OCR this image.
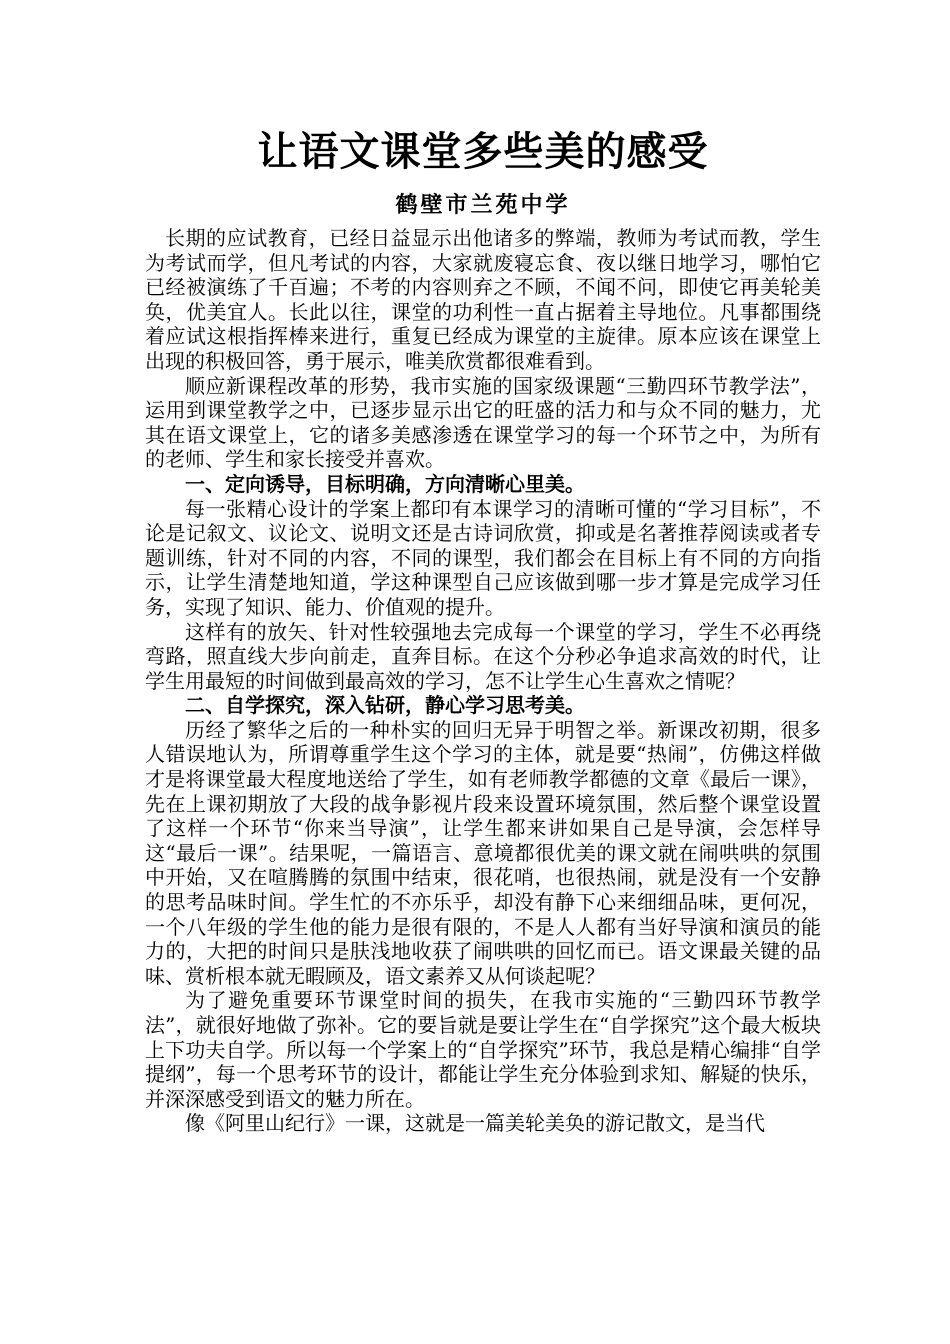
让语文课堂多些美的感受
鹤壁市兰苑中学

长期的应试教育，已经日益显示出他诸多的弊端，教师为考试而教，学生为考试而学，但凡考试的内容，大家就废寝忘食、夜以继日地学习，哪怕它已经被演练了千百遍；不考的内容则弃之不顾，不闻不问，即使它再美轮美奂，优美宜人。长此以往，课堂的功利性一直占据着主导地位。凡事都围绕着应试这根指挥棒来进行，重复已经成为课堂的主旋律。原本应该在课堂上出现的积极回答，勇于展示，唯美欣赏都很难看到。

顺应新课程改革的形势，我市实施的国家级课题“三勤四环节教学法”，运用到课堂教学之中，已逐步显示出它的旺盛的活力和与众不同的魅力，尤其在语文课堂上，它的诸多美感渗透在课堂学习的每一个环节之中，为所有的老师、学生和家长接受并喜欢。

一、定向诱导，目标明确，方向清晰心里美。

每一张精心设计的学案上都印有本课学习的清晰可懂的“学习目标”，不论是记叙文、议论文、说明文还是古诗词欣赏，抑或是名著推荐阅读或者专题训练，针对不同的内容，不同的课型，我们都会在目标上有不同的方向指示，让学生清楚地知道，学这种课型自己应该做到哪一步才算是完成学习任务，实现了知识、能力、价值观的提升。

这样有的放矢、针对性较强地去完成每一个课堂的学习，学生不必再绕弯路，照直线大步向前走，直奔目标。在这个分秒必争追求高效的时代，让学生用最短的时间做到最高效的学习，怎不让学生心生喜欢之情呢？

二、自学探究，深入钻研，静心学习思考美。

历经了繁华之后的一种朴实的回归无异于明智之举。新课改初期，很多人错误地认为，所谓尊重学生这个学习的主体，就是要“热闹”，仿佛这样做才是将课堂最大程度地送给了学生，如有老师教学都德的文章《最后一课》，先在上课初期放了大段的战争影视片段来设置环境氛围，然后整个课堂设置了这样一个环节“你来当导演”，让学生都来讲如果自己是导演，会怎样导这“最后一课”。结果呢，一篇语言、意境都很优美的课文就在闹哄哄的氛围中开始，又在喧腾腾的氛围中结束，很花哨，也很热闹，就是没有一个安静的思考品味时间。学生忙的不亦乐乎，却没有静下心来细细品味，更何况，一个八年级的学生他的能力是很有限的，不是人人都有当好导演和演员的能力的，大把的时间只是肤浅地收获了闹哄哄的回忆而已。语文课最关键的品味、赏析根本就无暇顾及，语文素养又从何谈起呢？

为了避免重要环节课堂时间的损失，在我市实施的“三勤四环节教学法”，就很好地做了弥补。它的要旨就是要让学生在“自学探究”这个最大板块上下功夫自学。所以每一个学案上的“自学探究”环节，我总是精心编排“自学提纲”，每一个思考环节的设计，都能让学生充分体验到求知、解疑的快乐，并深深感受到语文的魅力所在。

像《阿里山纪行》一课，这就是一篇美轮美奂的游记散文，是当代
